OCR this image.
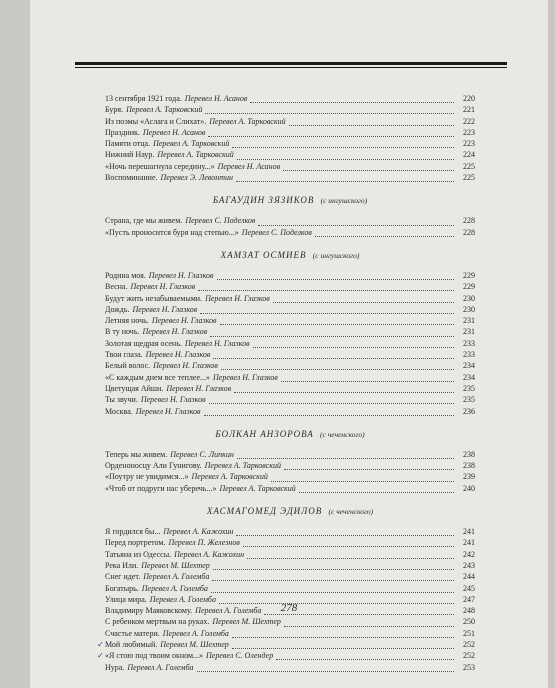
13 сентября 1921 года. Перевел Н. Асанов	220
Буря. Перевел А. Тарковский	221
Из поэмы «Аслага и Слихат». Перевел А. Тарковский	222
Праздник. Перевел Н. Асанов	223
Памяти отца. Перевел А. Тарковский	223
Нижний Наур. Перевел А. Тарковский	224
«Ночь перешагнула середину...» Перевел Н. Асанов	225
Воспоминание. Перевел Э. Левонтин	225
БАГАУДИН ЗЯЗИКОВ (с ингушского)
Страна, где мы живем. Перевел С. Поделков	228
«Пусть проносится буря над степью...» Перевел С. Поделков	228
ХАМЗАТ ОСМИЕВ (с ингушского)
Родина моя. Перевел Н. Глазков	229
Весна. Перевел Н. Глазков	229
Будут жить незабываемыми. Перевел Н. Глазков	230
Дождь. Перевел Н. Глазков	230
Летняя ночь. Перевел Н. Глазков	231
В ту ночь. Перевел Н. Глазков	231
Золотая щедрая осень. Перевел Н. Глазков	233
Твои глаза. Перевел Н. Глазков	233
Белый волос. Перевел Н. Глазков	234
«С каждым днем все теплее...» Перевел Н. Глазков	234
Цветущая Айши. Перевел Н. Глазков	235
Ты звучи. Перевел Н. Глазков	235
Москва. Перевел Н. Глазков	236
БОЛКАН АНЗОРОВА (с чеченского)
Теперь мы живем. Перевел С. Липкин	238
Орденоносцу Али Гунигову. Перевел А. Тарковский	238
«Поутру не увидимся...» Перевел А. Тарковский	239
«Чтоб от подруги нас уберечь...» Перевел А. Тарковский	240
ХАСМАГОМЕД ЭДИЛОВ (с чеченского)
Я гордился бы... Перевел А. Кажохин	241
Перед портретом. Перевел П. Железнов	241
Татьяна из Одессы. Перевел А. Кажохин	242
Река Или. Перевел М. Шехтер	243
Снег идет. Перевел А. Големба	244
Богатырь. Перевел А. Големба	245
Улица мира. Перевел А. Големба	247
Владимиру Маяковскому. Перевел А. Големба	248
С ребенком мертвым на руках. Перевел М. Шехтер	250
Счастье матери. Перевел А. Големба	251
Мой любимый. Перевел М. Шехтер	252
✓
«Я стою под твоим окном...» Перевел С. Олендер	252
✓
Нура. Перевел А. Големба	253
278
